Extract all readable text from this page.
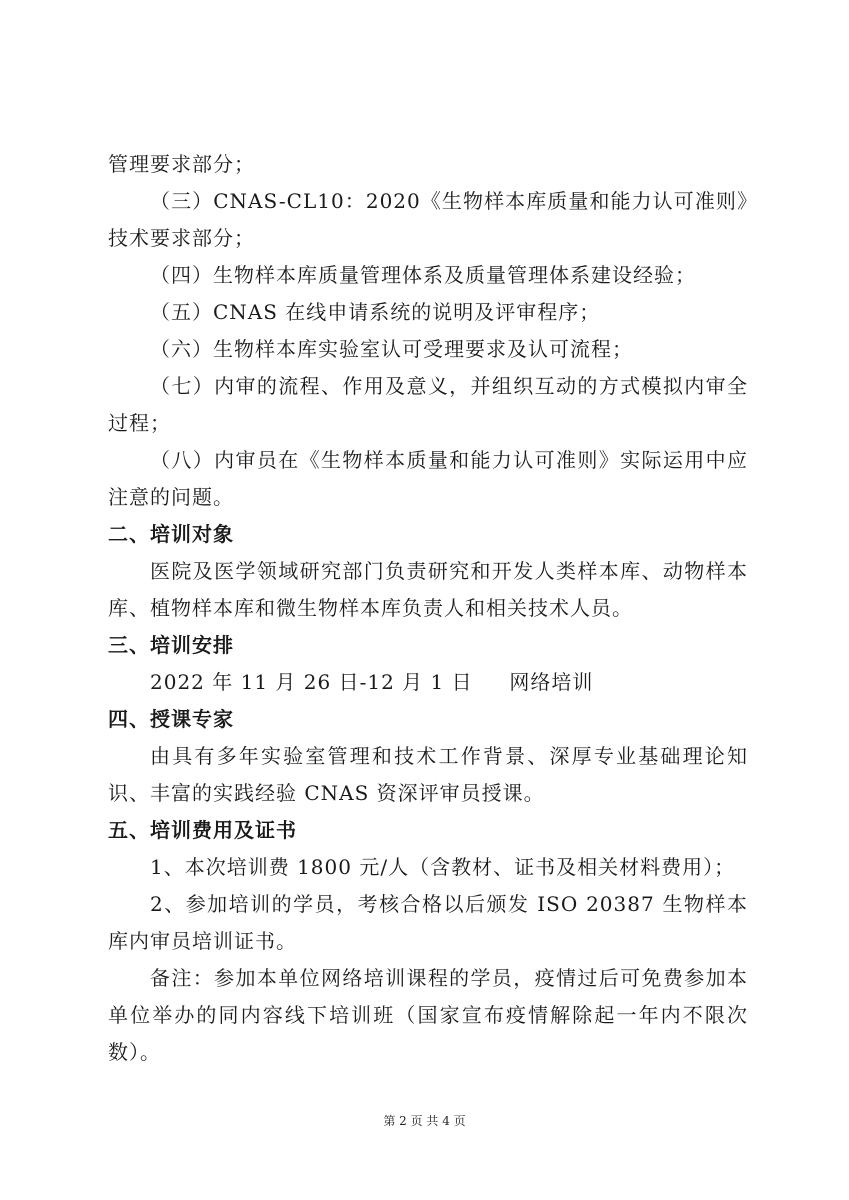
管理要求部分；

（三）CNAS-CL10：2020《生物样本库质量和能力认可准则》技术要求部分；

（四）生物样本库质量管理体系及质量管理体系建设经验；

（五）CNAS 在线申请系统的说明及评审程序；

（六）生物样本库实验室认可受理要求及认可流程；

（七）内审的流程、作用及意义，并组织互动的方式模拟内审全过程；

（八）内审员在《生物样本质量和能力认可准则》实际运用中应注意的问题。

二、培训对象

医院及医学领域研究部门负责研究和开发人类样本库、动物样本库、植物样本库和微生物样本库负责人和相关技术人员。

三、培训安排

2022 年 11 月 26 日-12 月 1 日     网络培训

四、授课专家

由具有多年实验室管理和技术工作背景、深厚专业基础理论知识、丰富的实践经验 CNAS 资深评审员授课。

五、培训费用及证书

1、本次培训费 1800 元/人（含教材、证书及相关材料费用）；

2、参加培训的学员，考核合格以后颁发 ISO 20387 生物样本库内审员培训证书。

备注：参加本单位网络培训课程的学员，疫情过后可免费参加本单位举办的同内容线下培训班（国家宣布疫情解除起一年内不限次数）。

第 2 页 共 4 页
